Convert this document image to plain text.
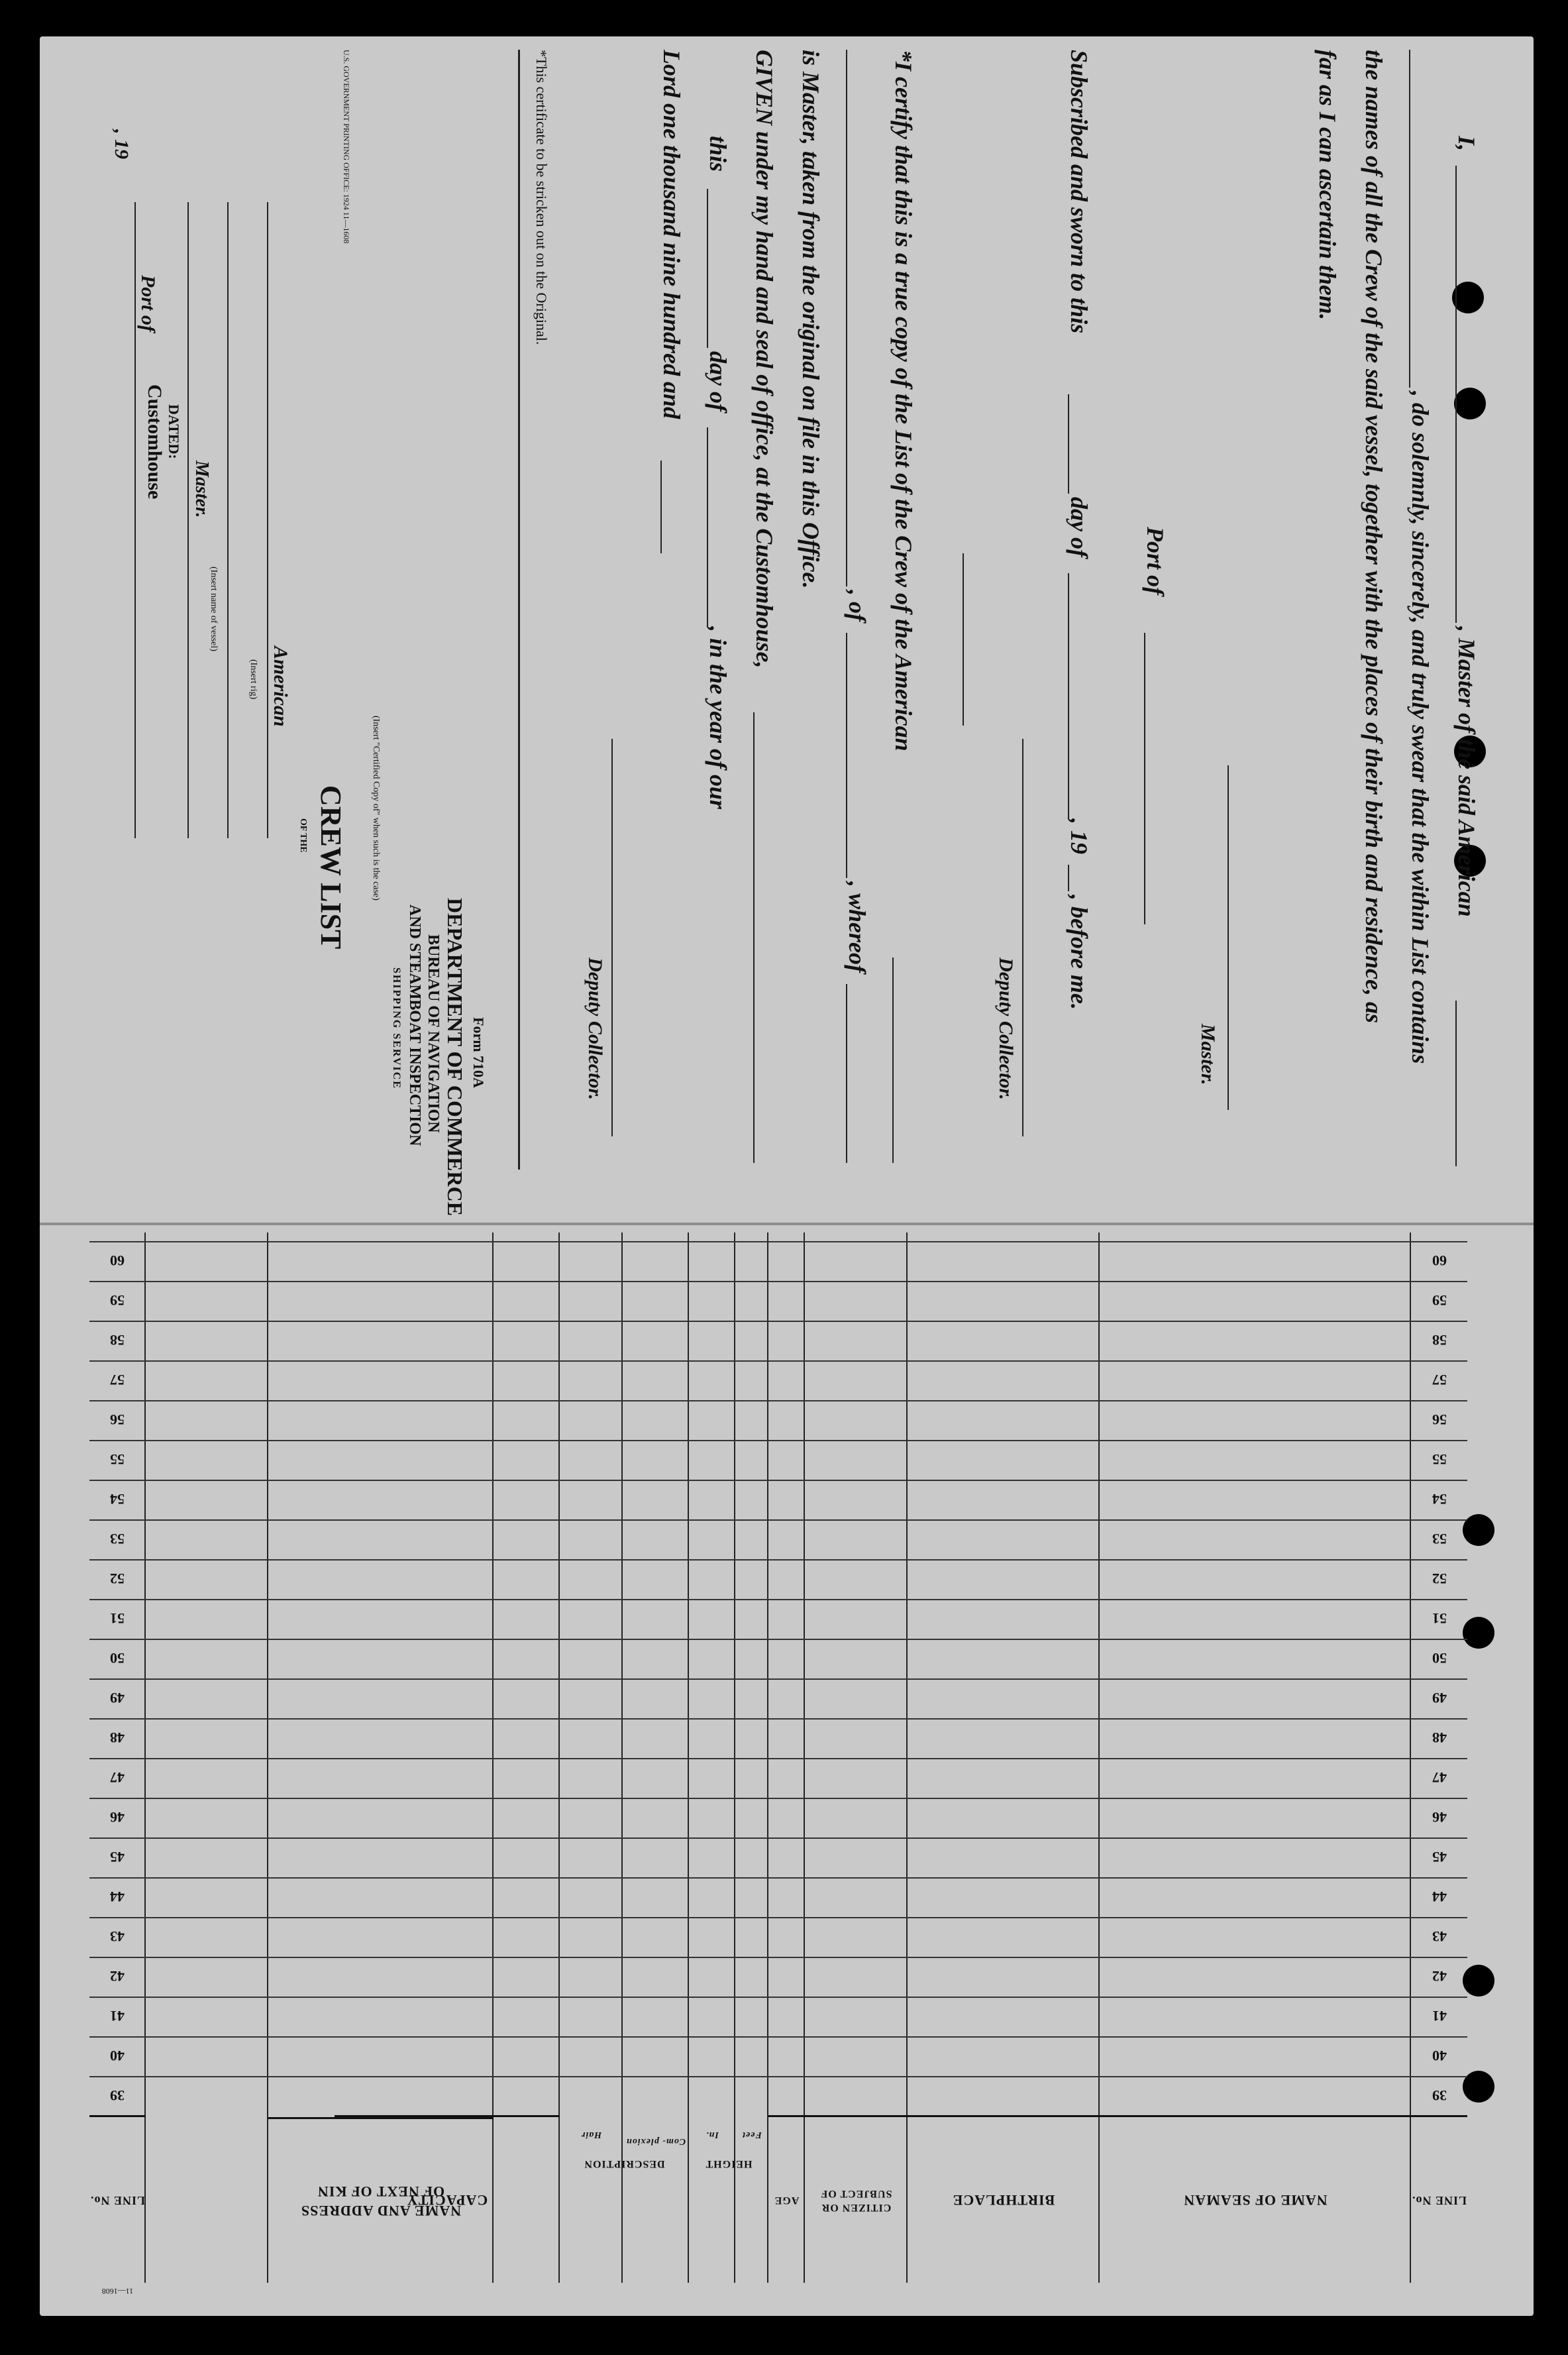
I,
, Master of the said American
, do solemnly, sincerely, and truly swear that the within List contains
the names of all the Crew of the said vessel, together with the places of their birth and residence, as
far as I can ascertain them.
Master.
Port of
Subscribed and sworn to this
day of
, 19
, before me.
Deputy Collector.
*I certify that this is a true copy of the List of the Crew of the American
, of
, whereof
is Master, taken from the original on file in this Office.
GIVEN under my hand and seal of office, at the Customhouse,
this
day of
, in the year of our
Lord one thousand nine hundred and
Deputy Collector.
*This certificate to be stricken out on the Original.
Form 710A
DEPARTMENT OF COMMERCE
BUREAU OF NAVIGATION
AND STEAMBOAT INSPECTION
SHIPPING SERVICE
(Insert "Certified Copy of" when such is the case)
CREW LIST
OF THE
American
(Insert rig)
(Insert name of vessel)
Master.
DATED:
Customhouse
Port of
, 19	U.S. GOVERNMENT PRINTING OFFICE: 1924 11—1608
LINE No.
NAME OF SEAMAN
BIRTHPLACE
CITIZEN OR SUBJECT OF
AGE
HEIGHT
Feet
In.
DESCRIPTION
Com- plexion
Hair
CAPACITY
NAME AND ADDRESS OF NEXT OF KIN
LINE No.
39
39
40
40
41
41
42
42
43
43
44
44
45
45
46
46
47
47
48
48
49
49
50
50
51
51
52
52
53
53
54
54
55
55
56
56
57
57
58
58
59
59
60
60
11—1608
